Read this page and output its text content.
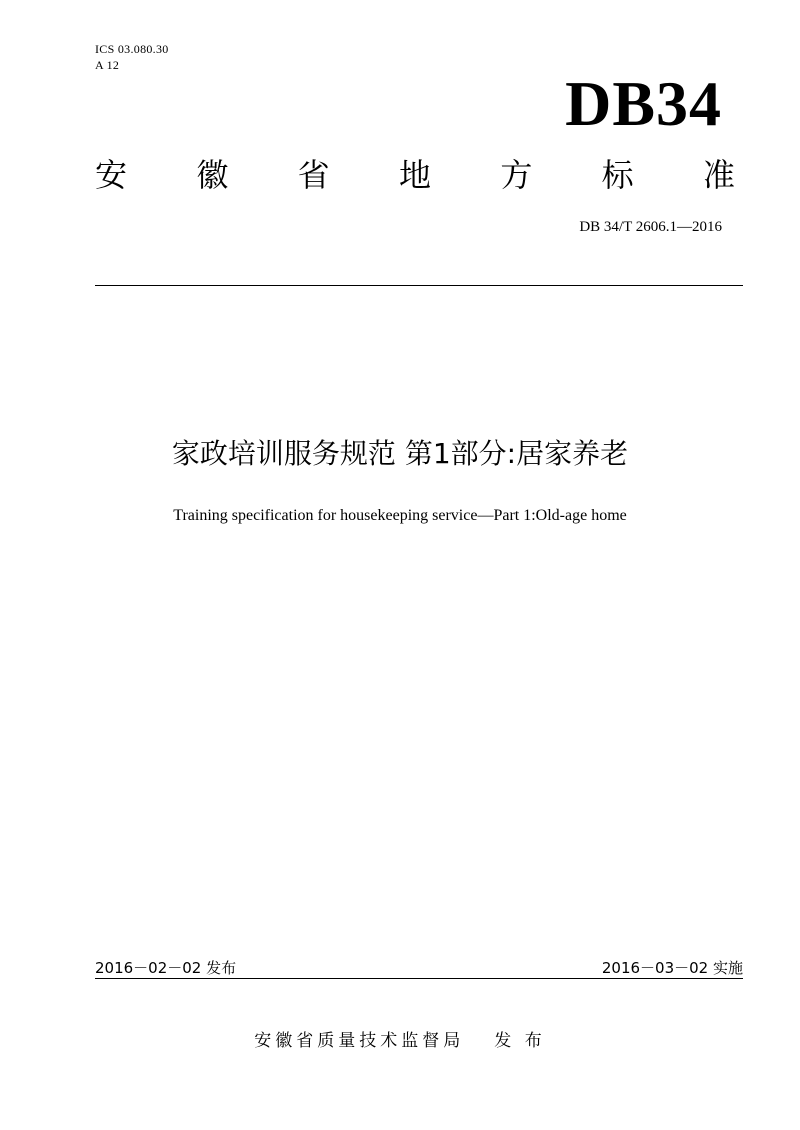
ICS 03.080.30
A 12
DB34
安 徽 省 地 方 标 准
DB 34/T 2606.1—2016
家政培训服务规范 第1部分:居家养老
Training specification for housekeeping service—Part 1:Old-age home
2016－02－02 发布	2016－03－02 实施
安徽省质量技术监督局 发 布
